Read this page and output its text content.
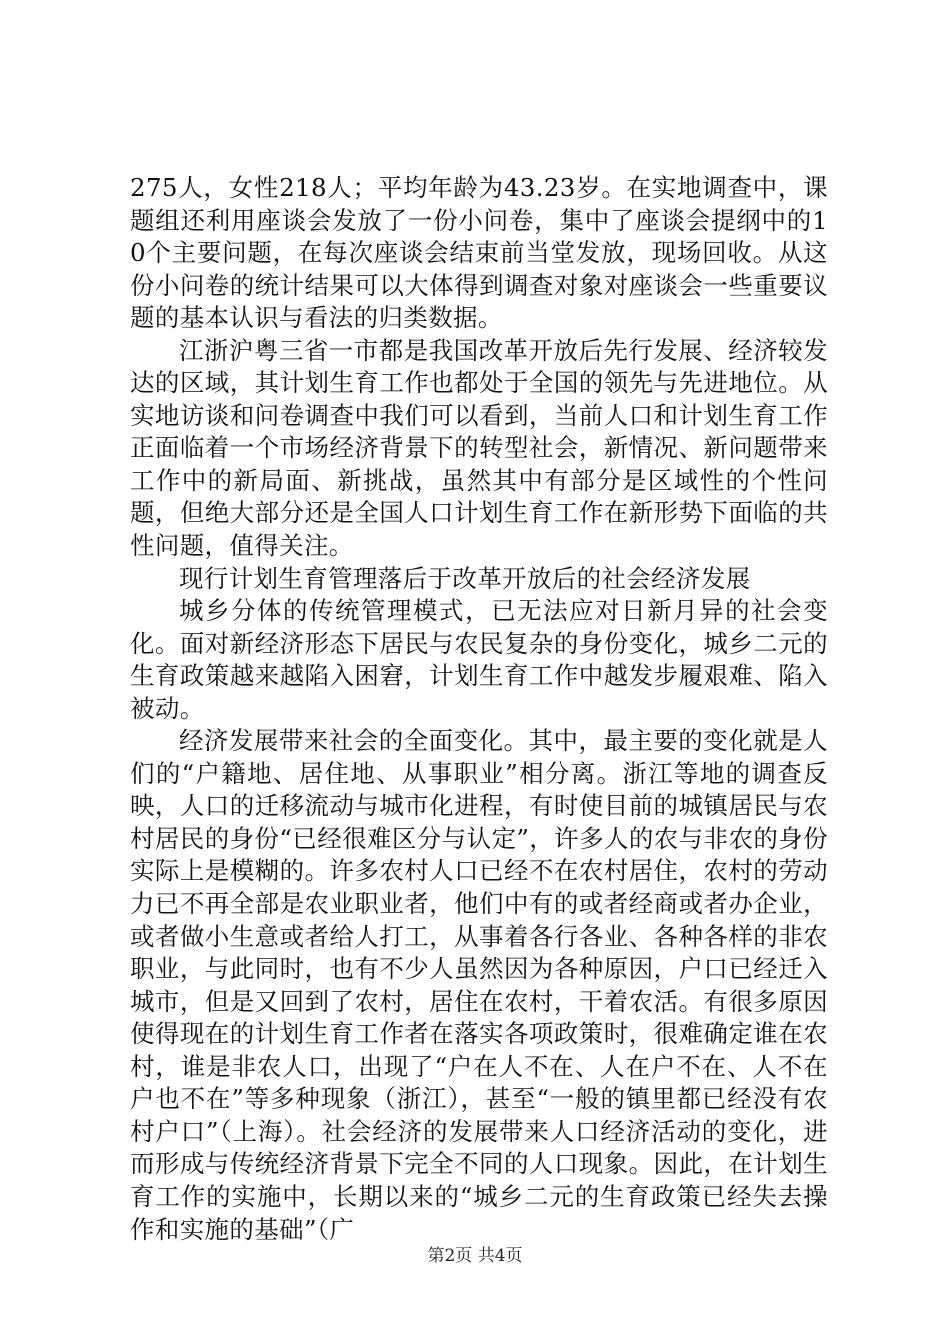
275人，女性218人；平均年龄为43.23岁。在实地调查中，课题组还利用座谈会发放了一份小问卷，集中了座谈会提纲中的10个主要问题，在每次座谈会结束前当堂发放，现场回收。从这份小问卷的统计结果可以大体得到调查对象对座谈会一些重要议题的基本认识与看法的归类数据。

江浙沪粤三省一市都是我国改革开放后先行发展、经济较发达的区域，其计划生育工作也都处于全国的领先与先进地位。从实地访谈和问卷调查中我们可以看到，当前人口和计划生育工作正面临着一个市场经济背景下的转型社会，新情况、新问题带来工作中的新局面、新挑战，虽然其中有部分是区域性的个性问题，但绝大部分还是全国人口计划生育工作在新形势下面临的共性问题，值得关注。

现行计划生育管理落后于改革开放后的社会经济发展

城乡分体的传统管理模式，已无法应对日新月异的社会变化。面对新经济形态下居民与农民复杂的身份变化，城乡二元的生育政策越来越陷入困窘，计划生育工作中越发步履艰难、陷入被动。

经济发展带来社会的全面变化。其中，最主要的变化就是人们的“户籍地、居住地、从事职业”相分离。浙江等地的调查反映，人口的迁移流动与城市化进程，有时使目前的城镇居民与农村居民的身份“已经很难区分与认定”，许多人的农与非农的身份实际上是模糊的。许多农村人口已经不在农村居住，农村的劳动力已不再全部是农业职业者，他们中有的或者经商或者办企业，或者做小生意或者给人打工，从事着各行各业、各种各样的非农职业，与此同时，也有不少人虽然因为各种原因，户口已经迁入城市，但是又回到了农村，居住在农村，干着农活。有很多原因使得现在的计划生育工作者在落实各项政策时，很难确定谁在农村，谁是非农人口，出现了“户在人不在、人在户不在、人不在户也不在”等多种现象（浙江），甚至“一般的镇里都已经没有农村户口”（上海）。社会经济的发展带来人口经济活动的变化，进而形成与传统经济背景下完全不同的人口现象。因此，在计划生育工作的实施中，长期以来的“城乡二元的生育政策已经失去操作和实施的基础”（广

第2页 共4页
